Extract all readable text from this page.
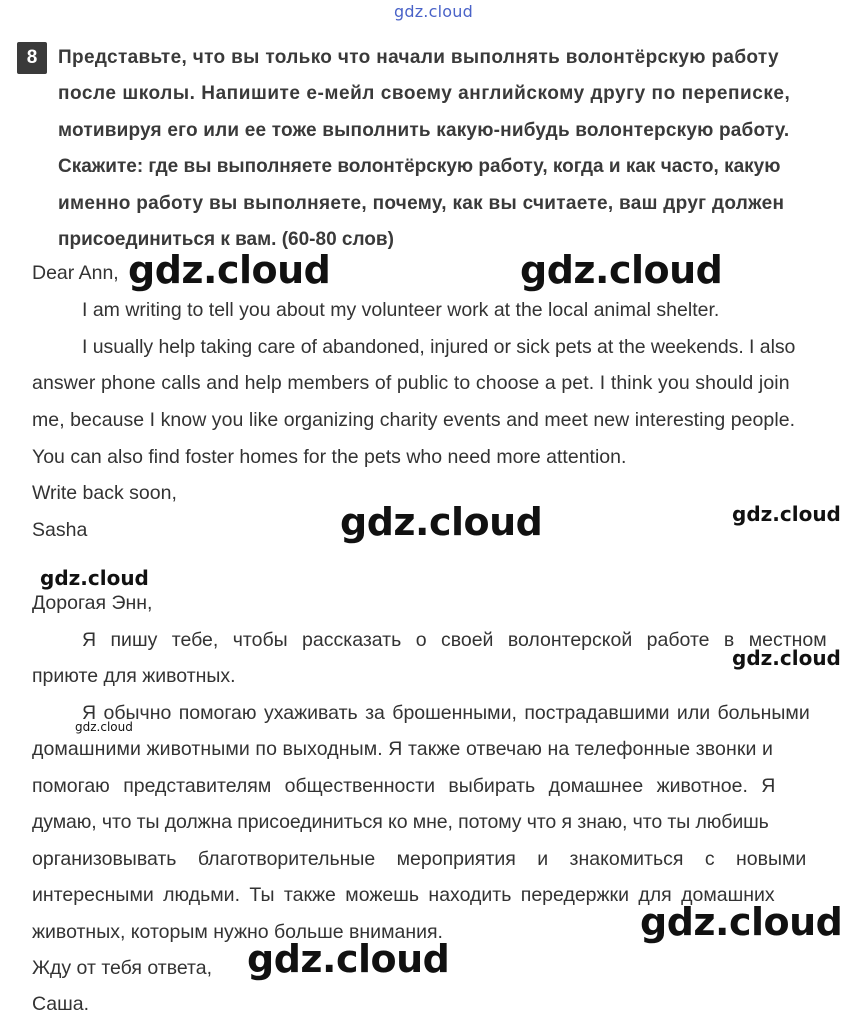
gdz.cloud
8	Представьте, что вы только что начали выполнять волонтёрскую работу
после школы. Напишите е-мейл своему английскому другу по переписке,
мотивируя его или ее тоже выполнить какую-нибудь волонтерскую работу.
Скажите: где вы выполняете волонтёрскую работу, когда и как часто, какую
именно работу вы выполняете, почему, как вы считаете, ваш друг должен
присоединиться к вам. (60-80 слов)
Dear Ann,
I am writing to tell you about my volunteer work at the local animal shelter.
I usually help taking care of abandoned, injured or sick pets at the weekends. I also
answer phone calls and help members of public to choose a pet. I think you should join
me, because I know you like organizing charity events and meet new interesting people.
You can also find foster homes for the pets who need more attention.
Write back soon,
Sasha
Дорогая Энн,
Я пишу тебе, чтобы рассказать о своей волонтерской работе в местном
приюте для животных.
Я обычно помогаю ухаживать за брошенными, пострадавшими или больными
домашними животными по выходным. Я также отвечаю на телефонные звонки и
помогаю представителям общественности выбирать домашнее животное. Я
думаю, что ты должна присоединиться ко мне, потому что я знаю, что ты любишь
организовывать благотворительные мероприятия и знакомиться с новыми
интересными людьми. Ты также можешь находить передержки для домашних
животных, которым нужно больше внимания.
Жду от тебя ответа,
Саша.
gdz.cloud	gdz.cloud
gdz.cloud	gdz.cloud
gdz.cloud
gdz.cloud
gdz.cloud
gdz.cloud
gdz.cloud
